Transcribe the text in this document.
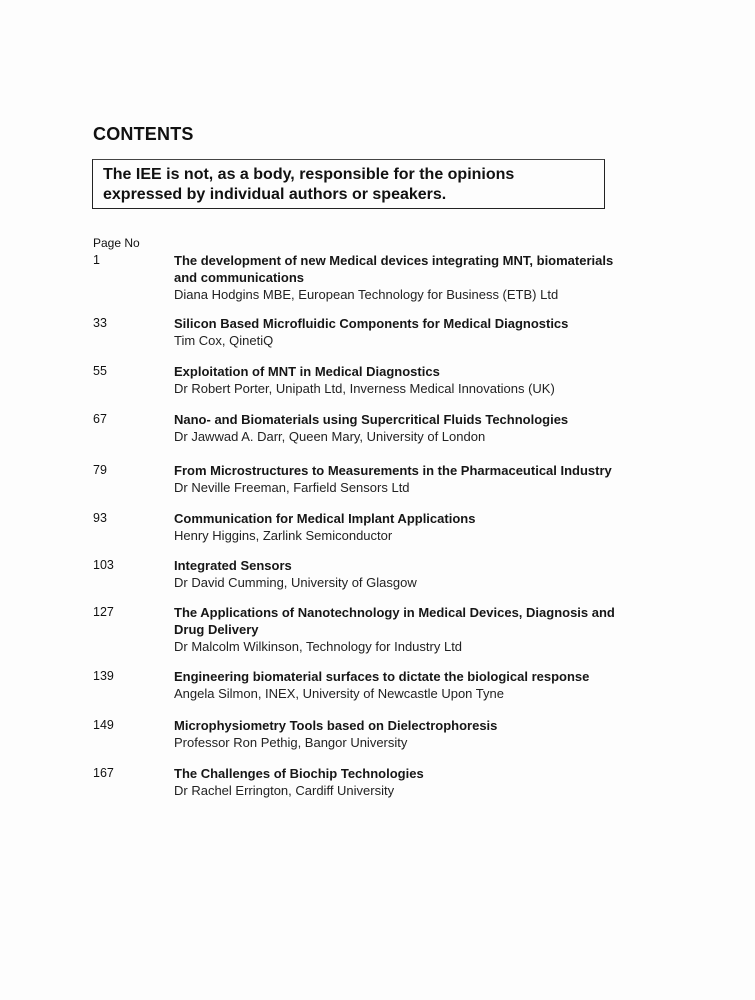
CONTENTS
The IEE is not, as a body, responsible for the opinions
expressed by individual authors or speakers.
Page No
1	The development of new Medical devices integrating MNT, biomaterials
and communications
Diana Hodgins MBE, European Technology for Business (ETB) Ltd
33	Silicon Based Microfluidic Components for Medical Diagnostics
Tim Cox, QinetiQ
55	Exploitation of MNT in Medical Diagnostics
Dr Robert Porter, Unipath Ltd, Inverness Medical Innovations (UK)
67	Nano- and Biomaterials using Supercritical Fluids Technologies
Dr Jawwad A. Darr, Queen Mary, University of London
79	From Microstructures to Measurements in the Pharmaceutical Industry
Dr Neville Freeman, Farfield Sensors Ltd
93	Communication for Medical Implant Applications
Henry Higgins, Zarlink Semiconductor
103	Integrated Sensors
Dr David Cumming, University of Glasgow
127	The Applications of Nanotechnology in Medical Devices, Diagnosis and
Drug Delivery
Dr Malcolm Wilkinson, Technology for Industry Ltd
139	Engineering biomaterial surfaces to dictate the biological response
Angela Silmon, INEX, University of Newcastle Upon Tyne
149	Microphysiometry Tools based on Dielectrophoresis
Professor Ron Pethig, Bangor University
167	The Challenges of Biochip Technologies
Dr Rachel Errington, Cardiff University
